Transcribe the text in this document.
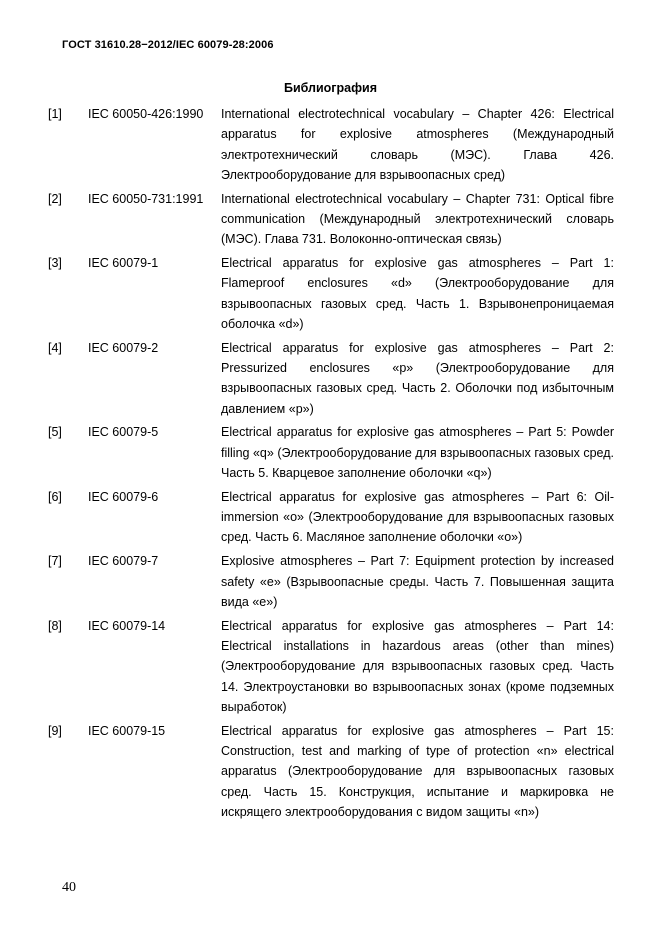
ГОСТ 31610.28−2012/IEC 60079-28:2006
Библиография
[1]	IEC 60050-426:1990	International electrotechnical vocabulary – Chapter 426: Electrical apparatus for explosive atmospheres (Международный электротехнический словарь (МЭС). Глава 426. Электрооборудование для взрывоопасных сред)
[2]	IEC 60050-731:1991	International electrotechnical vocabulary – Chapter 731: Optical fibre communication (Международный электротехнический словарь (МЭС). Глава 731. Волоконно-оптическая связь)
[3]	IEC 60079-1	Electrical apparatus for explosive gas atmospheres – Part 1: Flameproof enclosures «d» (Электрооборудование для взрывоопасных газовых сред. Часть 1. Взрывонепроницаемая оболочка «d»)
[4]	IEC 60079-2	Electrical apparatus for explosive gas atmospheres – Part 2: Pressurized enclosures «p» (Электрооборудование для взрывоопасных газовых сред. Часть 2. Оболочки под избыточным давлением «p»)
[5]	IEC 60079-5	Electrical apparatus for explosive gas atmospheres – Part 5: Powder filling «q» (Электрооборудование для взрывоопасных газовых сред. Часть 5. Кварцевое заполнение оболочки «q»)
[6]	IEC 60079-6	Electrical apparatus for explosive gas atmospheres – Part 6: Oil-immersion «o» (Электрооборудование для взрывоопасных газовых сред. Часть 6. Масляное заполнение оболочки «o»)
[7]	IEC 60079-7	Explosive atmospheres – Part 7: Equipment protection by increased safety «e» (Взрывоопасные среды. Часть 7. Повышенная защита вида «e»)
[8]	IEC 60079-14	Electrical apparatus for explosive gas atmospheres – Part 14: Electrical installations in hazardous areas (other than mines) (Электрооборудование для взрывоопасных газовых сред. Часть 14. Электроустановки во взрывоопасных зонах (кроме подземных выработок)
[9]	IEC 60079-15	Electrical apparatus for explosive gas atmospheres – Part 15: Construction, test and marking of type of protection «n» electrical apparatus (Электрооборудование для взрывоопасных газовых сред. Часть 15. Конструкция, испытание и маркировка не искрящего электрооборудования с видом защиты «n»)
40
